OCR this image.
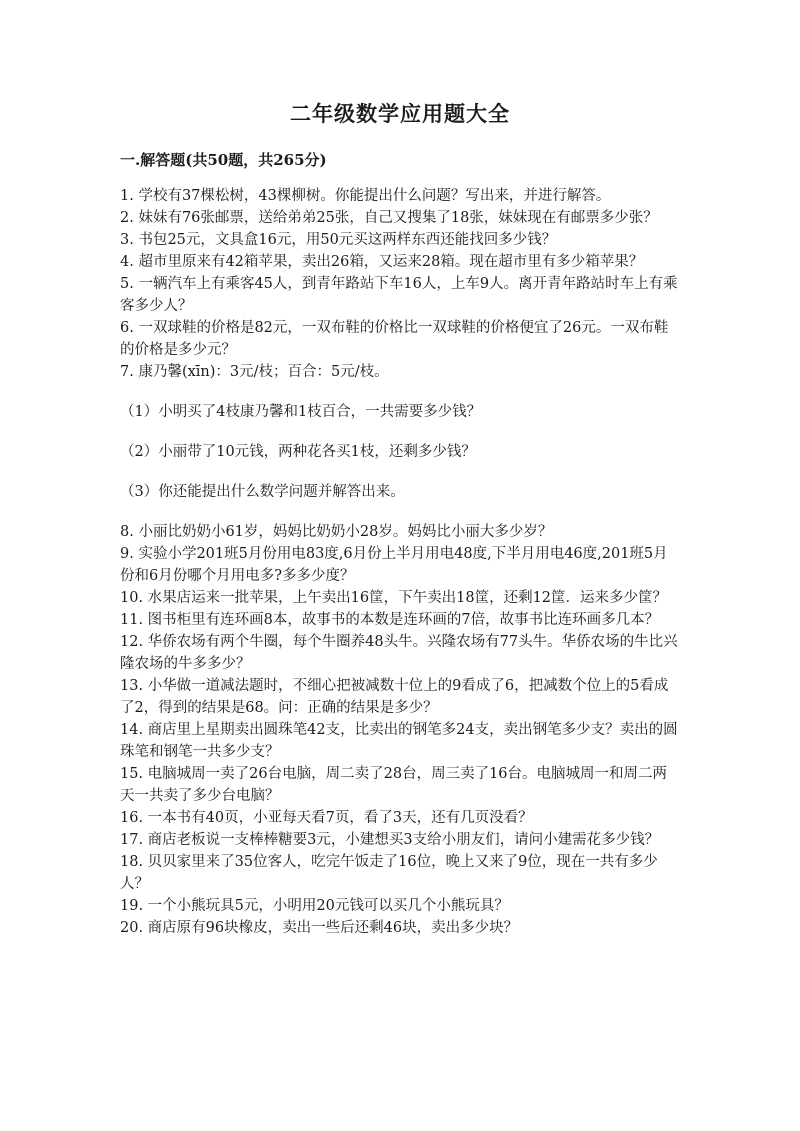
二年级数学应用题大全
一.解答题(共50题，共265分)
1. 学校有37棵松树，43棵柳树。你能提出什么问题？写出来，并进行解答。
2. 妹妹有76张邮票，送给弟弟25张，自己又搜集了18张，妹妹现在有邮票多少张？
3. 书包25元，文具盒16元，用50元买这两样东西还能找回多少钱？
4. 超市里原来有42箱苹果，卖出26箱，又运来28箱。现在超市里有多少箱苹果？
5. 一辆汽车上有乘客45人，到青年路站下车16人，上车9人。离开青年路站时车上有乘客多少人？
6. 一双球鞋的价格是82元，一双布鞋的价格比一双球鞋的价格便宜了26元。一双布鞋的价格是多少元？
7. 康乃馨(xīn)：3元/枝；百合：5元/枝。
（1）小明买了4枝康乃馨和1枝百合，一共需要多少钱？
（2）小丽带了10元钱，两种花各买1枝，还剩多少钱？
（3）你还能提出什么数学问题并解答出来。
8. 小丽比奶奶小61岁，妈妈比奶奶小28岁。妈妈比小丽大多少岁？
9. 实验小学201班5月份用电83度,6月份上半月用电48度,下半月用电46度,201班5月份和6月份哪个月用电多?多多少度？
10. 水果店运来一批苹果，上午卖出16筐，下午卖出18筐，还剩12筐．运来多少筐？
11. 图书柜里有连环画8本，故事书的本数是连环画的7倍，故事书比连环画多几本？
12. 华侨农场有两个牛圈，每个牛圈养48头牛。兴隆农场有77头牛。华侨农场的牛比兴隆农场的牛多多少？
13. 小华做一道减法题时，不细心把被减数十位上的9看成了6，把减数个位上的5看成了2，得到的结果是68。问：正确的结果是多少？
14. 商店里上星期卖出圆珠笔42支，比卖出的钢笔多24支，卖出钢笔多少支？卖出的圆珠笔和钢笔一共多少支？
15. 电脑城周一卖了26台电脑，周二卖了28台，周三卖了16台。电脑城周一和周二两天一共卖了多少台电脑？
16. 一本书有40页，小亚每天看7页，看了3天，还有几页没看？
17. 商店老板说一支棒棒糖要3元，小建想买3支给小朋友们，请问小建需花多少钱？
18. 贝贝家里来了35位客人，吃完午饭走了16位，晚上又来了9位，现在一共有多少人？
19. 一个小熊玩具5元，小明用20元钱可以买几个小熊玩具？
20. 商店原有96块橡皮，卖出一些后还剩46块，卖出多少块？
